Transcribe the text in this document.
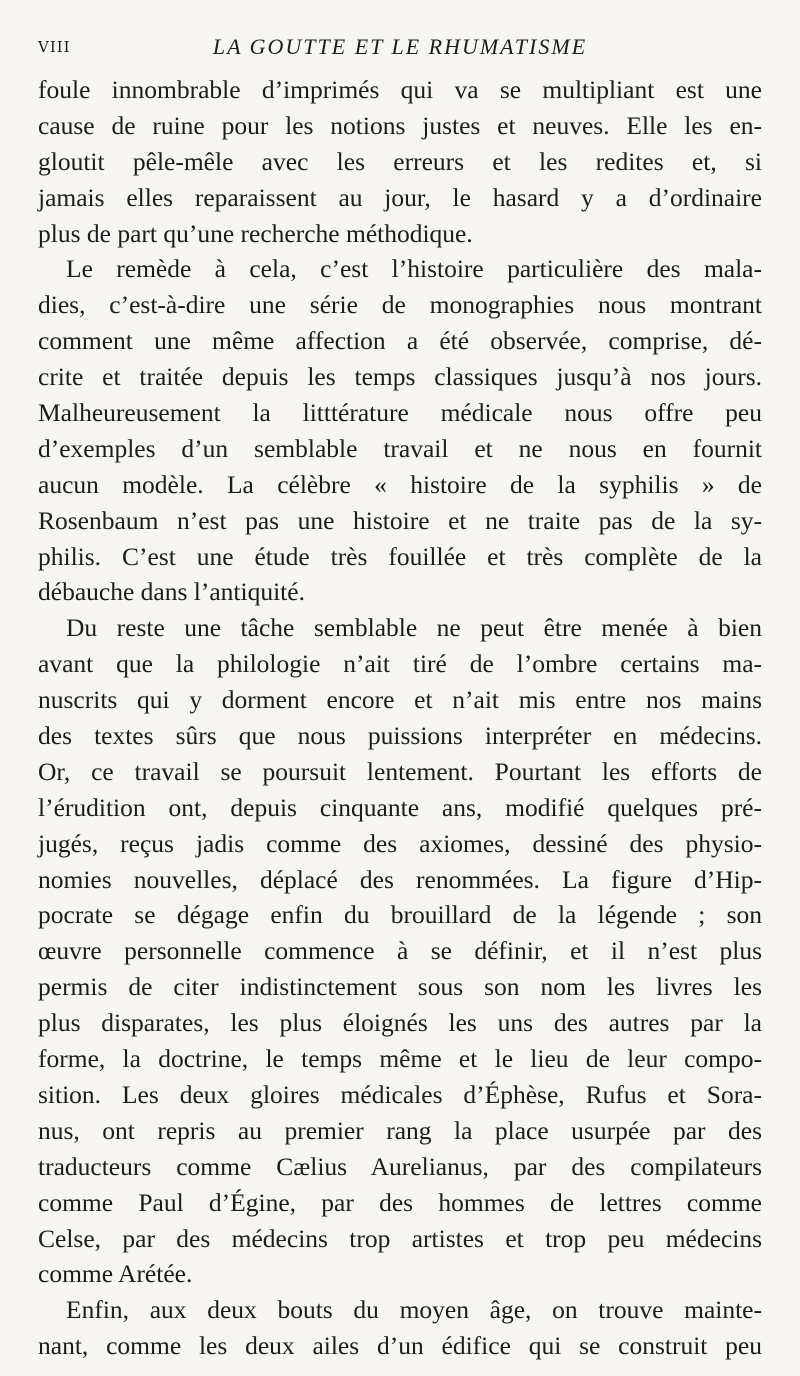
VIII	LA GOUTTE ET LE RHUMATISME
foule innombrable d’imprimés qui va se multipliant est une
cause de ruine pour les notions justes et neuves. Elle les en-
gloutit pêle-mêle avec les erreurs et les redites et, si
jamais elles reparaissent au jour, le hasard y a d’ordinaire
plus de part qu’une recherche méthodique.
Le remède à cela, c’est l’histoire particulière des mala-
dies, c’est-à-dire une série de monographies nous montrant
comment une même affection a été observée, comprise, dé-
crite et traitée depuis les temps classiques jusqu’à nos jours.
Malheureusement la litttérature médicale nous offre peu
d’exemples d’un semblable travail et ne nous en fournit
aucun modèle. La célèbre « histoire de la syphilis » de
Rosenbaum n’est pas une histoire et ne traite pas de la sy-
philis. C’est une étude très fouillée et très complète de la
débauche dans l’antiquité.
Du reste une tâche semblable ne peut être menée à bien
avant que la philologie n’ait tiré de l’ombre certains ma-
nuscrits qui y dorment encore et n’ait mis entre nos mains
des textes sûrs que nous puissions interpréter en médecins.
Or, ce travail se poursuit lentement. Pourtant les efforts de
l’érudition ont, depuis cinquante ans, modifié quelques pré-
jugés, reçus jadis comme des axiomes, dessiné des physio-
nomies nouvelles, déplacé des renommées. La figure d’Hip-
pocrate se dégage enfin du brouillard de la légende ; son
œuvre personnelle commence à se définir, et il n’est plus
permis de citer indistinctement sous son nom les livres les
plus disparates, les plus éloignés les uns des autres par la
forme, la doctrine, le temps même et le lieu de leur compo-
sition. Les deux gloires médicales d’Éphèse, Rufus et Sora-
nus, ont repris au premier rang la place usurpée par des
traducteurs comme Cælius Aurelianus, par des compilateurs
comme Paul d’Égine, par des hommes de lettres comme
Celse, par des médecins trop artistes et trop peu médecins
comme Arétée.
Enfin, aux deux bouts du moyen âge, on trouve mainte-
nant, comme les deux ailes d’un édifice qui se construit peu
